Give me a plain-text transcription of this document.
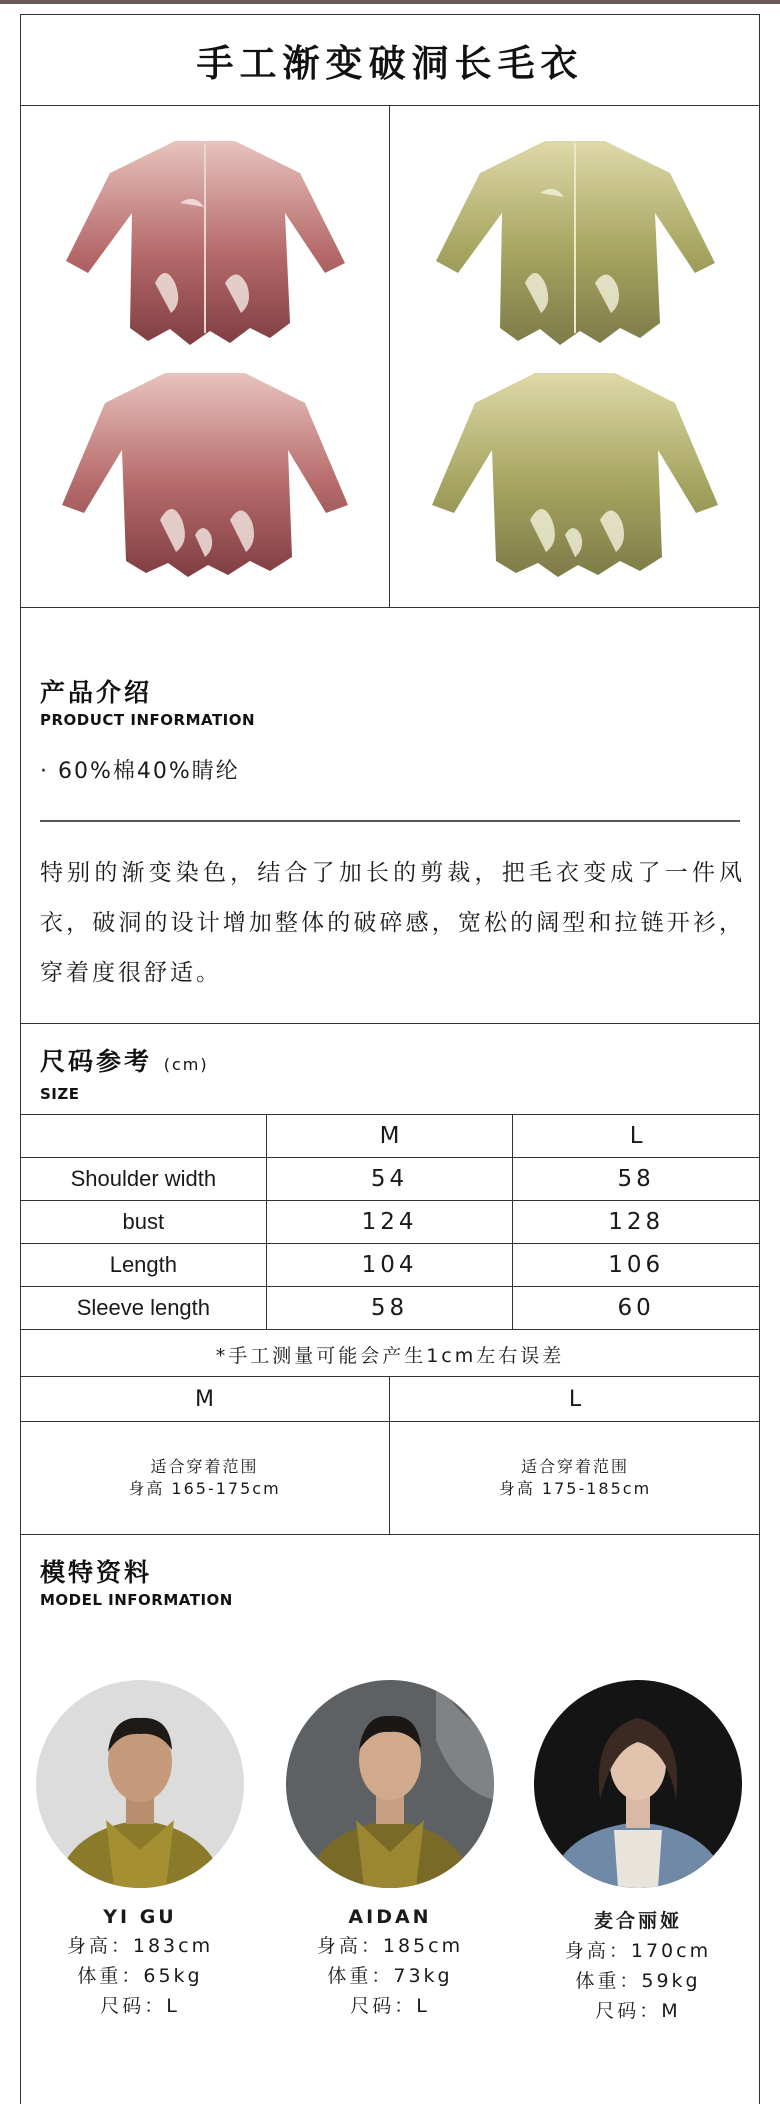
手工渐变破洞长毛衣
产品介绍
PRODUCT INFORMATION
· 60%棉40%睛纶
特别的渐变染色，结合了加长的剪裁，把毛衣变成了一件风衣，破洞的设计增加整体的破碎感，宽松的阔型和拉链开衫，穿着度很舒适。
尺码参考 (cm)
SIZE
	M	L
Shoulder width	54	58
bust	124	128
Length	104	106
Sleeve length	58	60
*手工测量可能会产生1cm左右误差
M
适合穿着范围
身高 165-175cm
L
适合穿着范围
身高 175-185cm
模特资料
MODEL INFORMATION
YI GU
身高：183cm
体重：65kg
尺码：L
AIDAN
身高：185cm
体重：73kg
尺码：L
麦合丽娅
身高：170cm
体重：59kg
尺码：M
